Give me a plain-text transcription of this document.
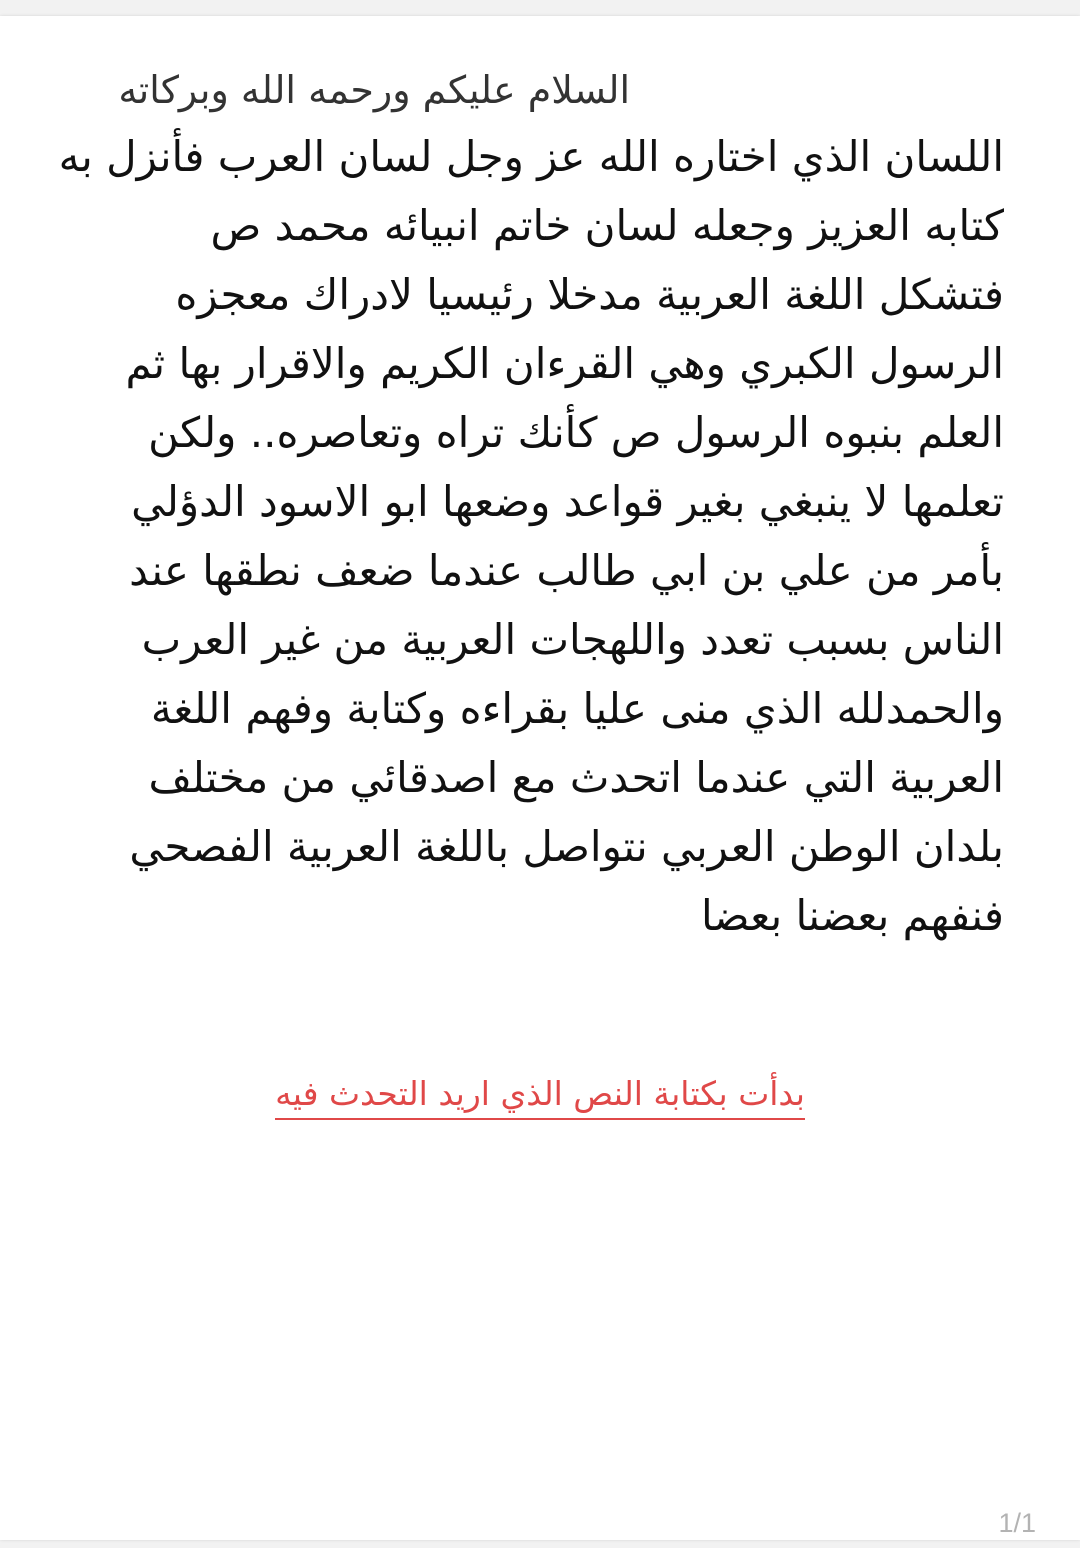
السلام عليكم ورحمه الله وبركاته
اللسان الذي اختاره الله عز وجل لسان العرب فأنزل به
كتابه العزيز وجعله لسان خاتم انبيائه محمد ص
فتشكل اللغة العربية مدخلا رئيسيا لادراك معجزه
الرسول الكبري وهي القرءان الكريم والاقرار بها ثم
العلم بنبوه الرسول ص كأنك تراه وتعاصره.. ولكن
تعلمها لا ينبغي بغير قواعد وضعها ابو الاسود الدؤلي
بأمر من علي بن ابي طالب عندما ضعف نطقها عند
الناس بسبب تعدد واللهجات العربية من غير العرب
والحمدلله الذي منى عليا بقراءه وكتابة وفهم اللغة
العربية التي عندما اتحدث مع اصدقائي من مختلف
بلدان الوطن العربي نتواصل باللغة العربية الفصحي
فنفهم بعضنا بعضا
بدأت بكتابة النص الذي اريد التحدث فيه
1/1
